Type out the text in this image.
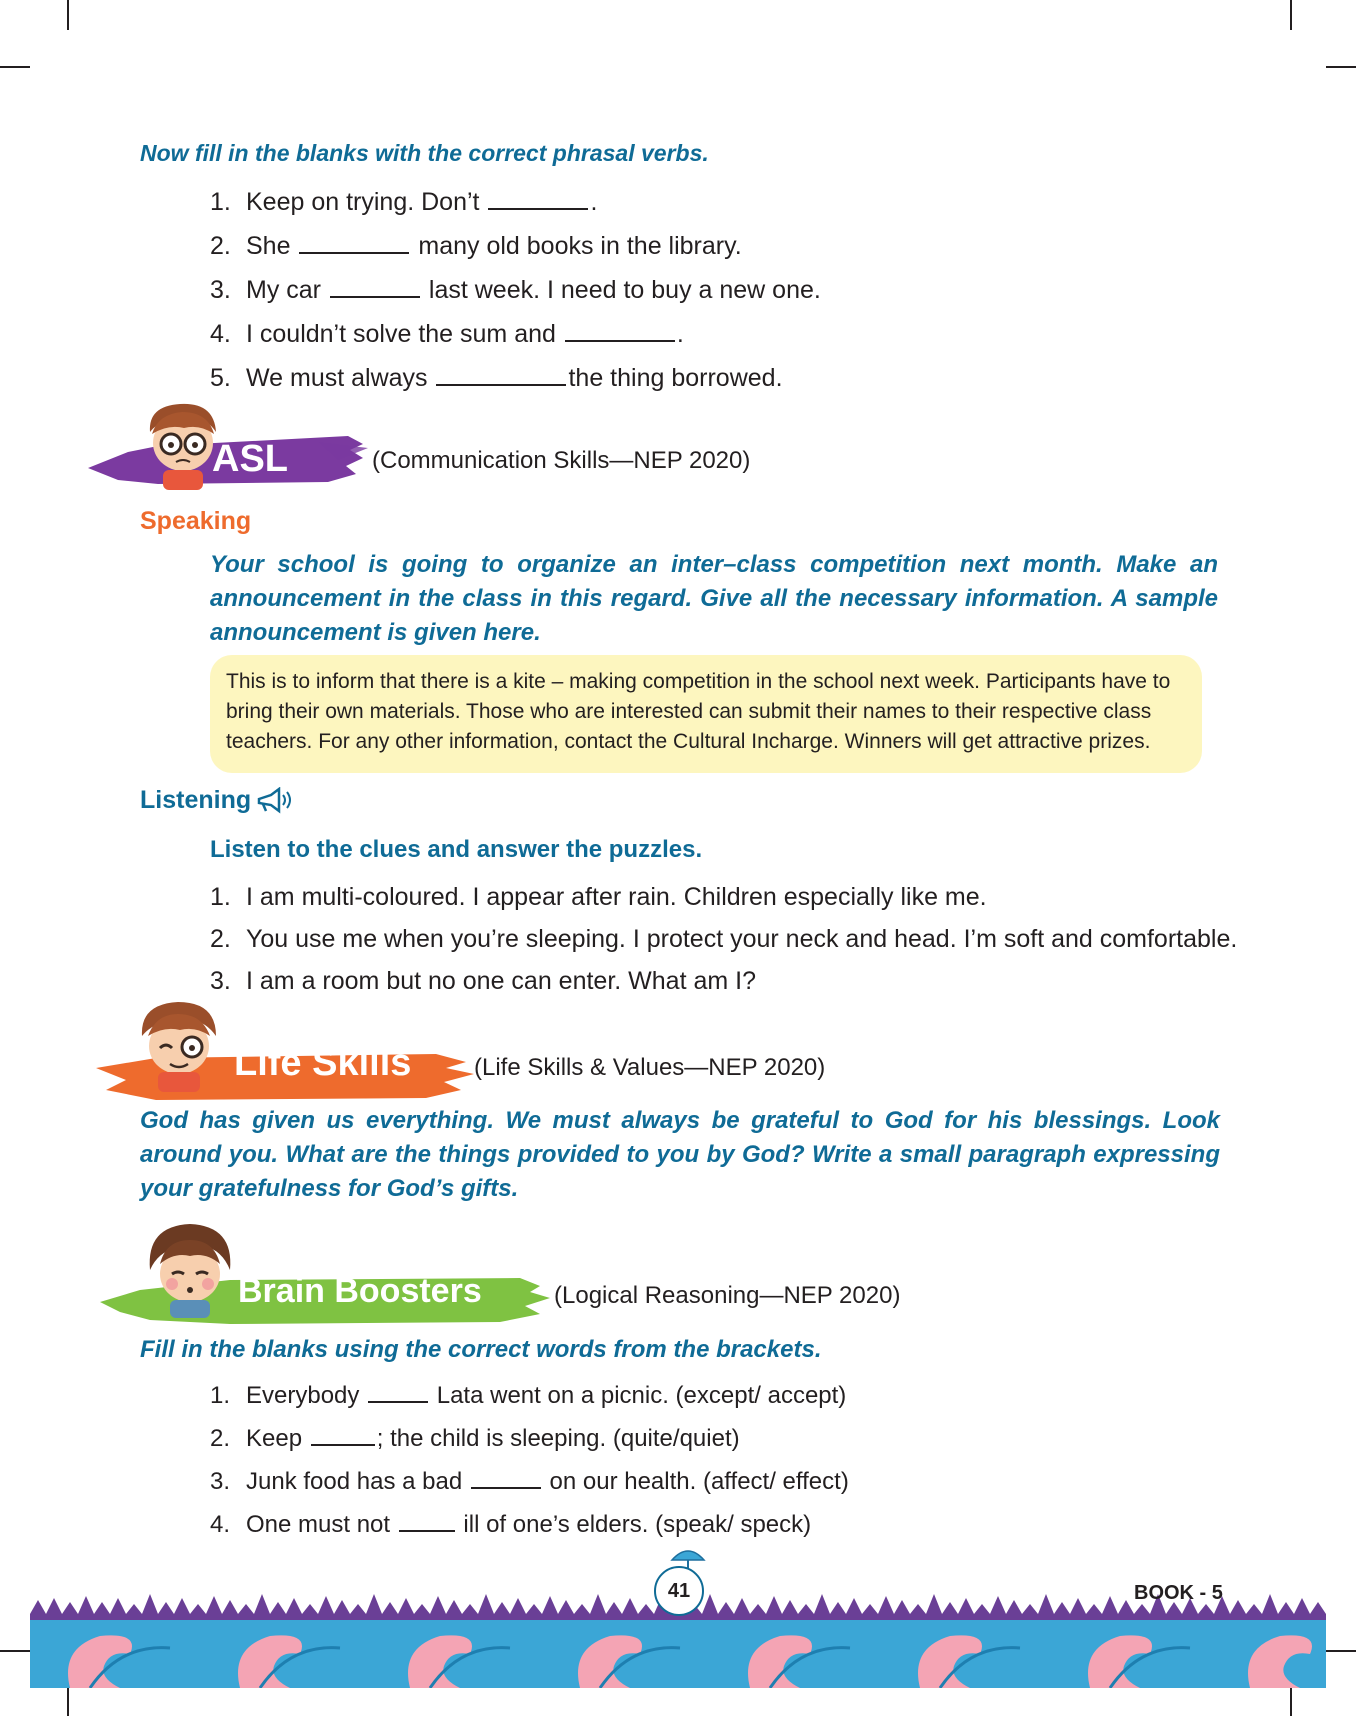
Now fill in the blanks with the correct phrasal verbs.
1. Keep on trying. Don’t	.
2. She	many old books in the library.
3. My car	last week. I need to buy a new one.
4. I couldn’t solve the sum and	.
5. We must always	the thing borrowed.
ASL	(Communication Skills—NEP 2020)
Speaking
Your school is going to organize an inter–class competition next month. Make an announcement in the class in this regard. Give all the necessary information. A sample announcement is given here.
This is to inform that there is a kite – making competition in the school next week. Participants have to
bring their own materials. Those who are interested can submit their names to their respective class
teachers. For any other information, contact the Cultural Incharge. Winners will get attractive prizes.
Listening
Listen to the clues and answer the puzzles.
1. I am multi-coloured. I appear after rain. Children especially like me.
2. You use me when you’re sleeping. I protect your neck and head. I’m soft and comfortable.
3. I am a room but no one can enter. What am I?
Life Skills	(Life Skills & Values—NEP 2020)
God has given us everything. We must always be grateful to God for his blessings. Look around you. What are the things provided to you by God? Write a small paragraph expressing your gratefulness for God’s gifts.
Brain Boosters	(Logical Reasoning—NEP 2020)
Fill in the blanks using the correct words from the brackets.
1. Everybody	Lata went on a picnic. (except/ accept)
2. Keep	; the child is sleeping. (quite/quiet)
3. Junk food has a bad	on our health. (affect/ effect)
4. One must not	ill of one’s elders. (speak/ speck)
41	BOOK - 5
